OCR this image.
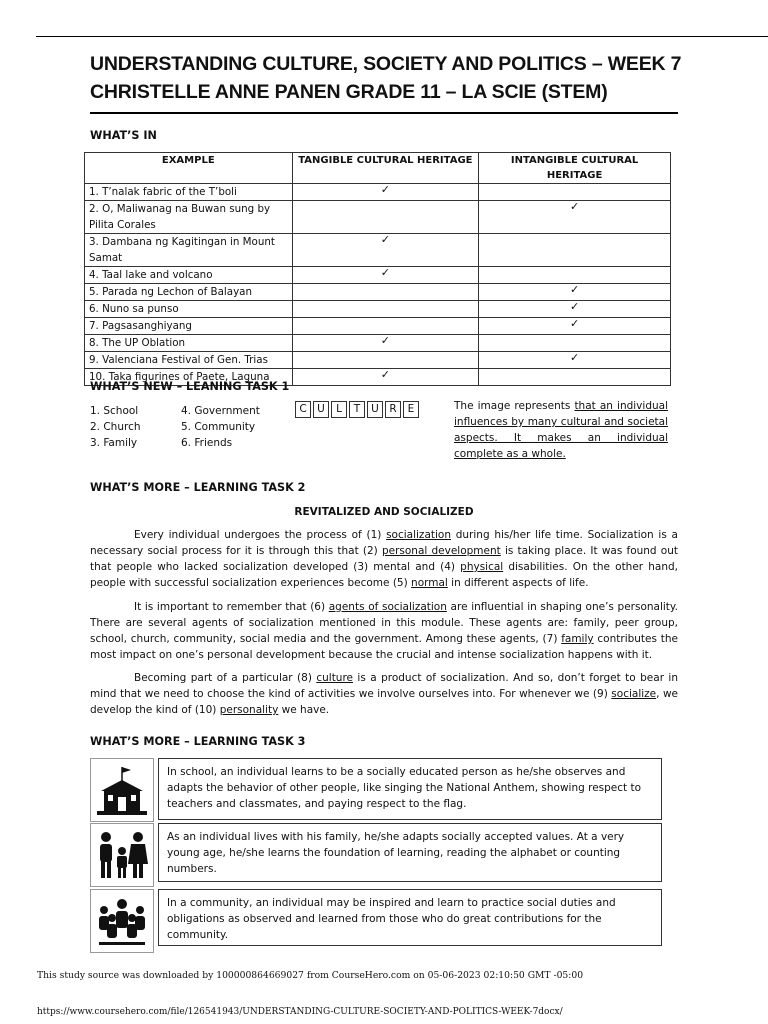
UNDERSTANDING CULTURE, SOCIETY AND POLITICS – WEEK 7
CHRISTELLE ANNE PANEN GRADE 11 – LA SCIE (STEM)
WHAT’S IN
EXAMPLE	TANGIBLE CULTURAL HERITAGE	INTANGIBLE CULTURAL HERITAGE
1. T’nalak fabric of the T’boli	✓	
2. O, Maliwanag na Buwan sung by Pilita Corales		✓
3. Dambana ng Kagitingan in Mount Samat	✓	
4. Taal lake and volcano	✓	
5. Parada ng Lechon of Balayan		✓
6. Nuno sa punso		✓
7. Pagsasanghiyang		✓
8. The UP Oblation	✓	
9. Valenciana Festival of Gen. Trias		✓
10. Taka figurines of Paete, Laguna	✓	
WHAT’S NEW – LEANING TASK 1
1. School
2. Church
3. Family
4. Government
5. Community
6. Friends
C U	L	T	U	R	E	The image represents that an individual influences by many cultural and societal aspects. It makes an individual complete as a whole.
WHAT’S MORE – LEARNING TASK 2
REVITALIZED AND SOCIALIZED

Every individual undergoes the process of (1) socialization during his/her life time. Socialization is a necessary social process for it is through this that (2) personal development is taking place. It was found out that people who lacked socialization developed (3) mental and (4) physical disabilities. On the other hand, people with successful socialization experiences become (5) normal in different aspects of life.

It is important to remember that (6) agents of socialization are influential in shaping one’s personality. There are several agents of socialization mentioned in this module. These agents are: family, peer group, school, church, community, social media and the government. Among these agents, (7) family contributes the most impact on one’s personal development because the crucial and intense socialization happens with it.

Becoming part of a particular (8) culture is a product of socialization. And so, don’t forget to bear in mind that we need to choose the kind of activities we involve ourselves into. For whenever we (9) socialize, we develop the kind of (10) personality we have.

WHAT’S MORE – LEARNING TASK 3
In school, an individual learns to be a socially educated person as he/she observes and adapts the behavior of other people, like singing the National Anthem, showing respect to teachers and classmates, and paying respect to the flag.
As an individual lives with his family, he/she adapts socially accepted values. At a very young age, he/she learns the foundation of learning, reading the alphabet or counting numbers.
In a community, an individual may be inspired and learn to practice social duties and obligations as observed and learned from those who do great contributions for the community.
This study source was downloaded by 100000864669027 from CourseHero.com on 05-06-2023 02:10:50 GMT -05:00
https://www.coursehero.com/file/126541943/UNDERSTANDING-CULTURE-SOCIETY-AND-POLITICS-WEEK-7docx/
